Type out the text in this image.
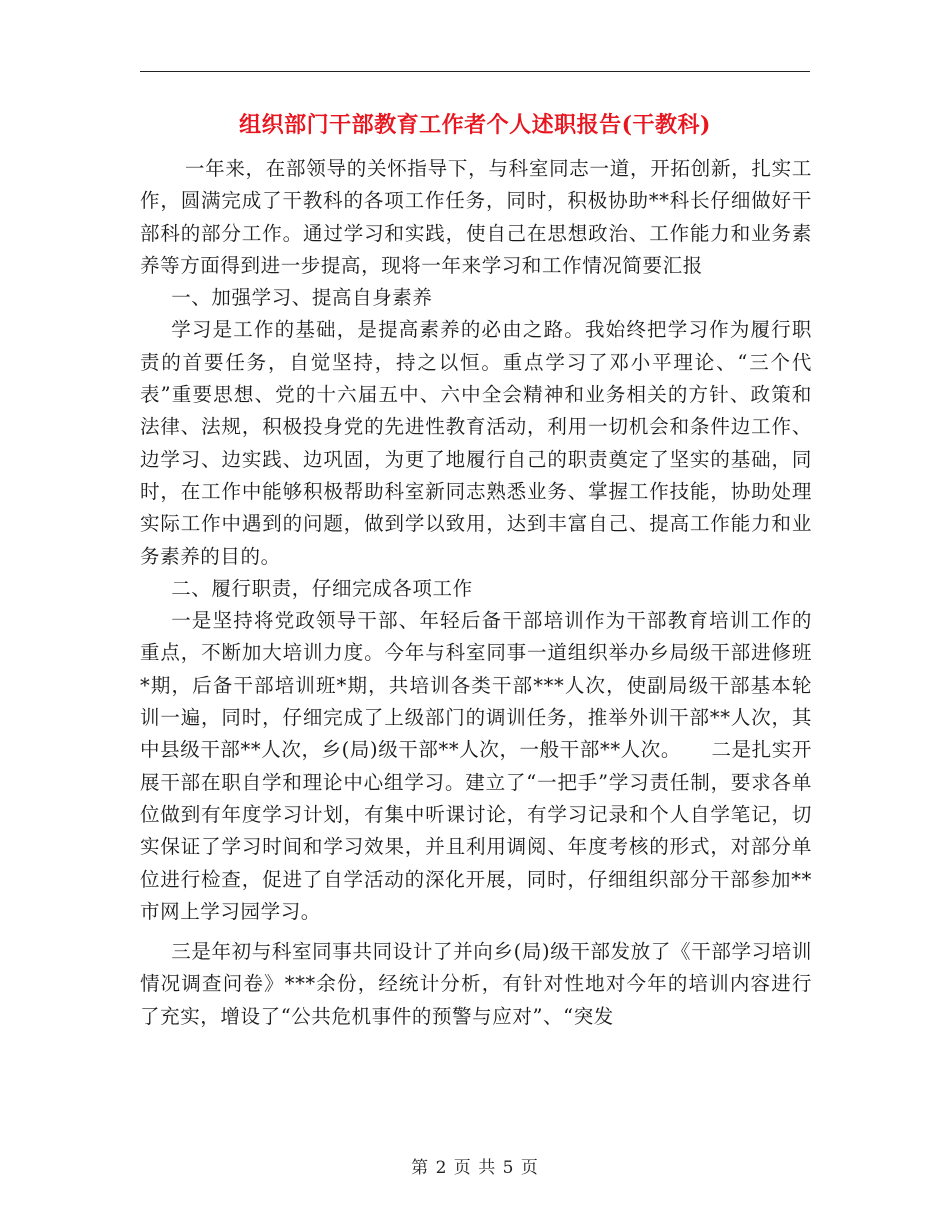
组织部门干部教育工作者个人述职报告(干教科)

一年来，在部领导的关怀指导下，与科室同志一道，开拓创新，扎实工作，圆满完成了干教科的各项工作任务，同时，积极协助**科长仔细做好干部科的部分工作。通过学习和实践，使自己在思想政治、工作能力和业务素养等方面得到进一步提高，现将一年来学习和工作情况简要汇报

一、加强学习、提高自身素养

学习是工作的基础，是提高素养的必由之路。我始终把学习作为履行职责的首要任务，自觉坚持，持之以恒。重点学习了邓小平理论、“三个代表”重要思想、党的十六届五中、六中全会精神和业务相关的方针、政策和法律、法规，积极投身党的先进性教育活动，利用一切机会和条件边工作、边学习、边实践、边巩固，为更了地履行自己的职责奠定了坚实的基础，同时，在工作中能够积极帮助科室新同志熟悉业务、掌握工作技能，协助处理实际工作中遇到的问题，做到学以致用，达到丰富自己、提高工作能力和业务素养的目的。

二、履行职责，仔细完成各项工作

一是坚持将党政领导干部、年轻后备干部培训作为干部教育培训工作的重点，不断加大培训力度。今年与科室同事一道组织举办乡局级干部进修班*期，后备干部培训班*期，共培训各类干部***人次，使副局级干部基本轮训一遍，同时，仔细完成了上级部门的调训任务，推举外训干部**人次，其中县级干部**人次，乡(局)级干部**人次，一般干部**人次。　　二是扎实开展干部在职自学和理论中心组学习。建立了“一把手”学习责任制，要求各单位做到有年度学习计划，有集中听课讨论，有学习记录和个人自学笔记，切实保证了学习时间和学习效果，并且利用调阅、年度考核的形式，对部分单位进行检查，促进了自学活动的深化开展，同时，仔细组织部分干部参加**市网上学习园学习。

三是年初与科室同事共同设计了并向乡(局)级干部发放了《干部学习培训情况调查问卷》***余份，经统计分析，有针对性地对今年的培训内容进行了充实，增设了“公共危机事件的预警与应对”、“突发

第 2 页 共 5 页
